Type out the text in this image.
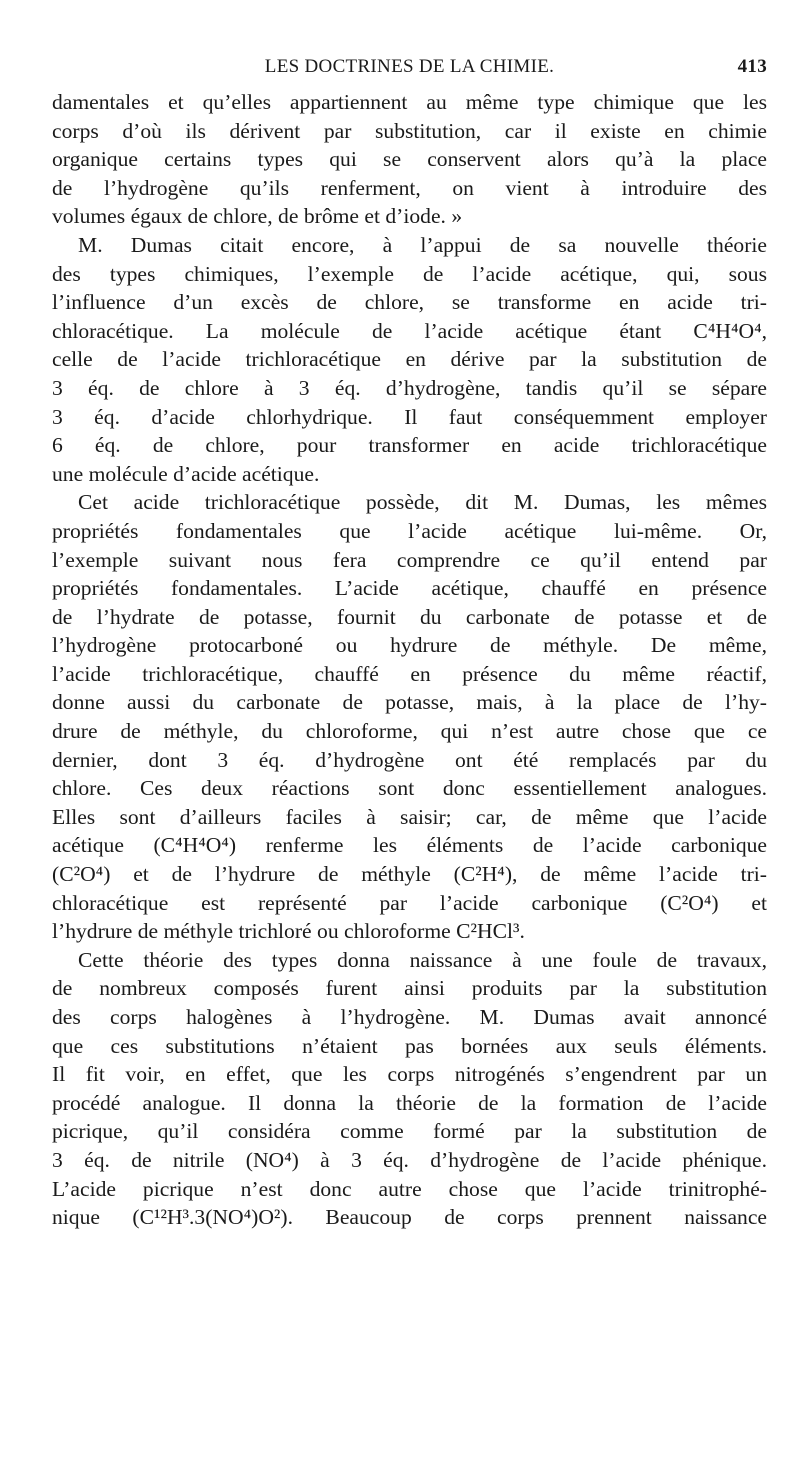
LES DOCTRINES DE LA CHIMIE.	413
damentales et qu’elles appartiennent au même type chimique que les
corps d’où ils dérivent par substitution, car il existe en chimie
organique certains types qui se conservent alors qu’à la place
de l’hydrogène qu’ils renferment, on vient à introduire des
volumes égaux de chlore, de brôme et d’iode. »
M. Dumas citait encore, à l’appui de sa nouvelle théorie
des types chimiques, l’exemple de l’acide acétique, qui, sous
l’influence d’un excès de chlore, se transforme en acide tri-
chloracétique. La molécule de l’acide acétique étant C⁴H⁴O⁴,
celle de l’acide trichloracétique en dérive par la substitution de
3 éq. de chlore à 3 éq. d’hydrogène, tandis qu’il se sépare
3 éq. d’acide chlorhydrique. Il faut conséquemment employer
6 éq. de chlore, pour transformer en acide trichloracétique
une molécule d’acide acétique.
Cet acide trichloracétique possède, dit M. Dumas, les mêmes
propriétés fondamentales que l’acide acétique lui-même. Or,
l’exemple suivant nous fera comprendre ce qu’il entend par
propriétés fondamentales. L’acide acétique, chauffé en présence
de l’hydrate de potasse, fournit du carbonate de potasse et de
l’hydrogène protocarboné ou hydrure de méthyle. De même,
l’acide trichloracétique, chauffé en présence du même réactif,
donne aussi du carbonate de potasse, mais, à la place de l’hy-
drure de méthyle, du chloroforme, qui n’est autre chose que ce
dernier, dont 3 éq. d’hydrogène ont été remplacés par du
chlore. Ces deux réactions sont donc essentiellement analogues.
Elles sont d’ailleurs faciles à saisir; car, de même que l’acide
acétique (C⁴H⁴O⁴) renferme les éléments de l’acide carbonique
(C²O⁴) et de l’hydrure de méthyle (C²H⁴), de même l’acide tri-
chloracétique est représenté par l’acide carbonique (C²O⁴) et
l’hydrure de méthyle trichloré ou chloroforme C²HCl³.
Cette théorie des types donna naissance à une foule de travaux,
de nombreux composés furent ainsi produits par la substitution
des corps halogènes à l’hydrogène. M. Dumas avait annoncé
que ces substitutions n’étaient pas bornées aux seuls éléments.
Il fit voir, en effet, que les corps nitrogénés s’engendrent par un
procédé analogue. Il donna la théorie de la formation de l’acide
picrique, qu’il considéra comme formé par la substitution de
3 éq. de nitrile (NO⁴) à 3 éq. d’hydrogène de l’acide phénique.
L’acide picrique n’est donc autre chose que l’acide trinitrophé-
nique (C¹²H³.3(NO⁴)O²). Beaucoup de corps prennent naissance
